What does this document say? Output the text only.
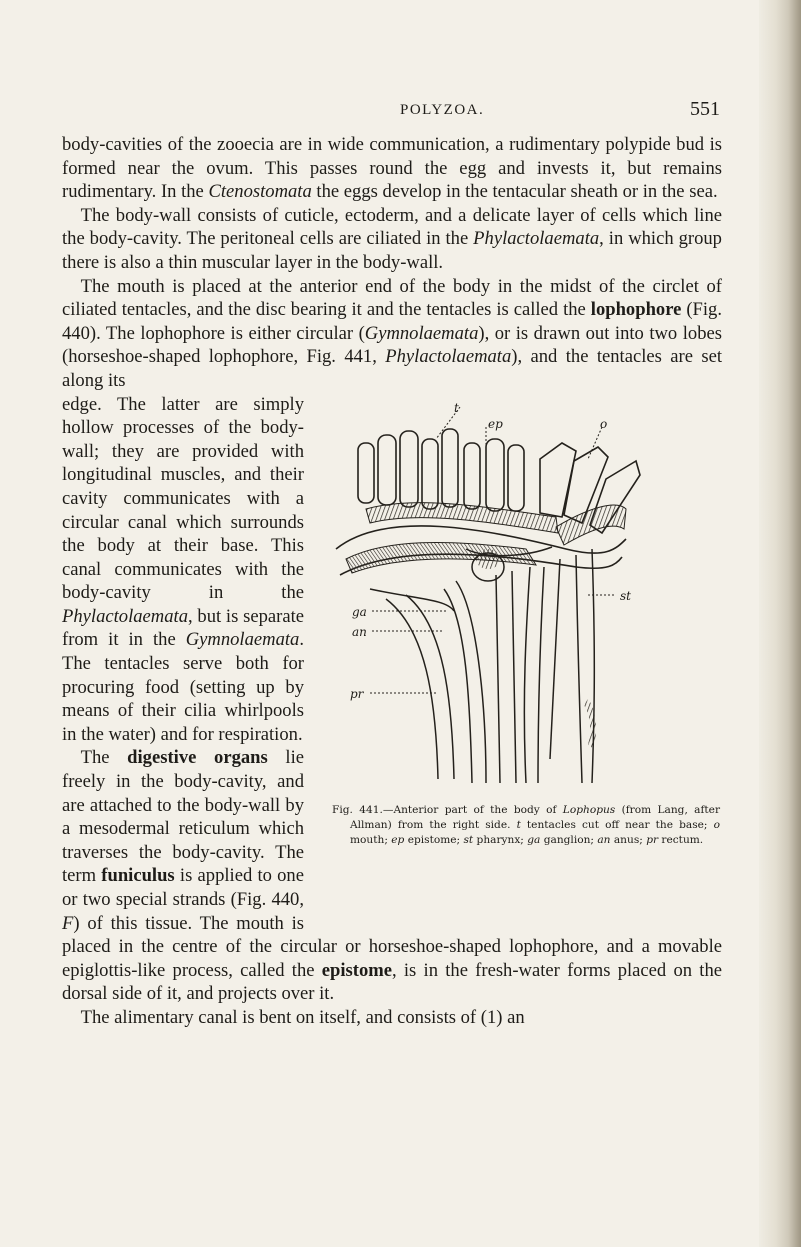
POLYZOA.	551

body-cavities of the zooecia are in wide communication, a rudimentary polypide bud is formed near the ovum. This passes round the egg and invests it, but remains rudimentary. In the Ctenostomata the eggs develop in the tentacular sheath or in the sea.

 The body-wall consists of cuticle, ectoderm, and a delicate layer of cells which line the body-cavity. The peritoneal cells are ciliated in the Phylactolaemata, in which group there is also a thin muscular layer in the body-wall.

 The mouth is placed at the anterior end of the body in the midst of the circlet of ciliated tentacles, and the disc bearing it and the tentacles is called the lophophore (Fig. 440). The lophophore is either circular (Gymnolaemata), or is drawn out into two lobes (horseshoe-shaped lophophore, Fig. 441, Phylactolaemata), and the tentacles are set along its

t
ep	o
st
ga
an
pr
Fig. 441.—Anterior part of the body of Lophopus (from Lang, after Allman) from the right side. t tentacles cut off near the base; o mouth; ep epistome; st pharynx; ga ganglion; an anus; pr rectum.
edge. The latter are simply hollow processes of the body-wall; they are provided with longitudinal muscles, and their cavity communicates with a circular canal which surrounds the body at their base. This canal communicates with the body-cavity in the Phylactolaemata, but is separate from it in the Gymnolaemata. The tentacles serve both for procuring food (setting up by means of their cilia whirlpools in the water) and for respiration.

 The digestive organs lie freely in the body-cavity, and are attached to the body-wall by a mesodermal reticulum which traverses the body-cavity. The term funiculus is applied to one or two special strands (Fig. 440, F) of this tissue. The mouth is placed in the centre of the circular or horseshoe-shaped lophophore, and a movable epiglottis-like process, called the epistome, is in the fresh-water forms placed on the dorsal side of it, and projects over it.

 The alimentary canal is bent on itself, and consists of (1) an
